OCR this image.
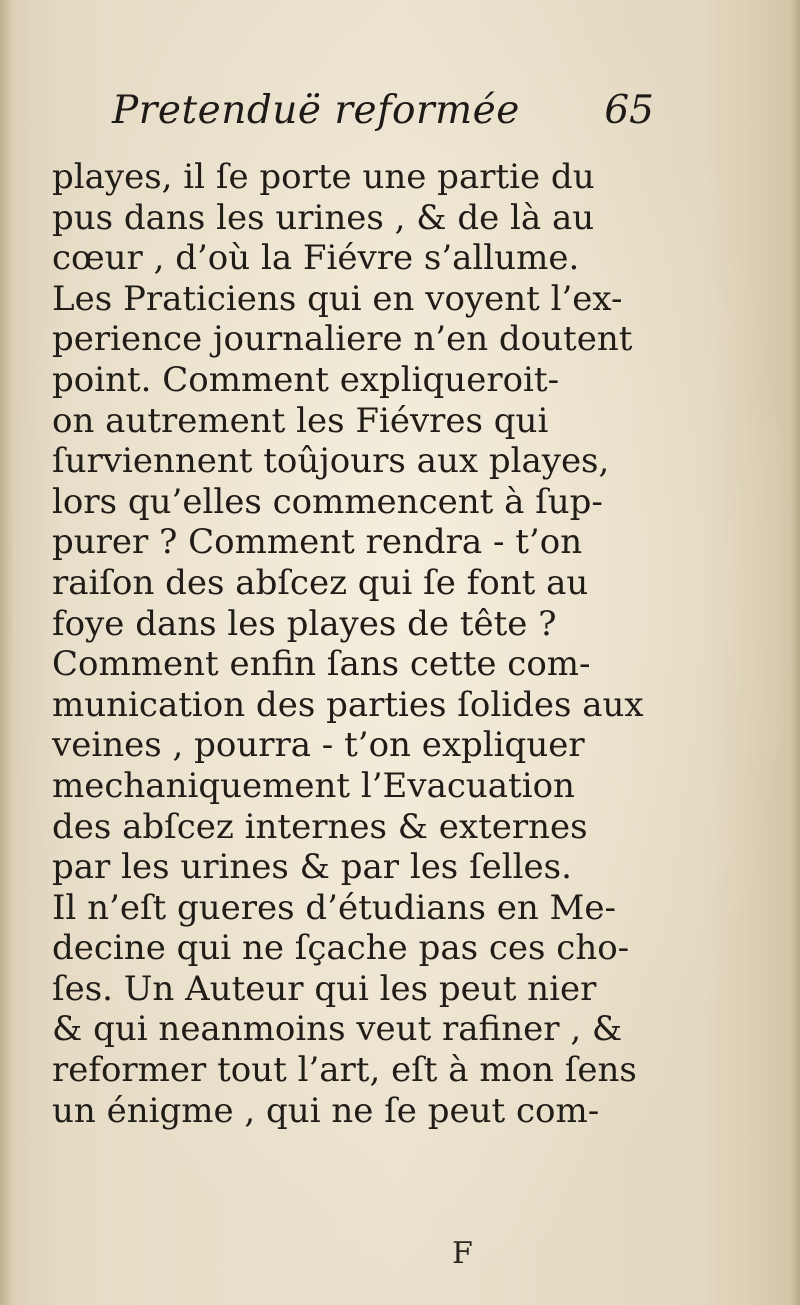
Pretenduë reformée 65
playes, il ſe porte une partie du
pus dans les urines , & de là au
cœur , d’où la Fiévre s’allume.
Les Praticiens qui en voyent l’ex-
perience journaliere n’en doutent
point. Comment expliqueroit-
on autrement les Fiévres qui
ſurviennent toûjours aux playes,
lors qu’elles commencent à ſup-
purer ? Comment rendra - t’on
raiſon des abſcez qui ſe font au
foye dans les playes de tête ?
Comment enfin ſans cette com-
munication des parties ſolides aux
veines , pourra - t’on expliquer
mechaniquement l’Evacuation
des abſcez internes & externes
par les urines & par les ſelles.
Il n’eſt gueres d’étudians en Me-
decine qui ne ſçache pas ces cho-
ſes. Un Auteur qui les peut nier
& qui neanmoins veut rafiner , &
reformer tout l’art, eſt à mon ſens
un énigme , qui ne ſe peut com-
F
